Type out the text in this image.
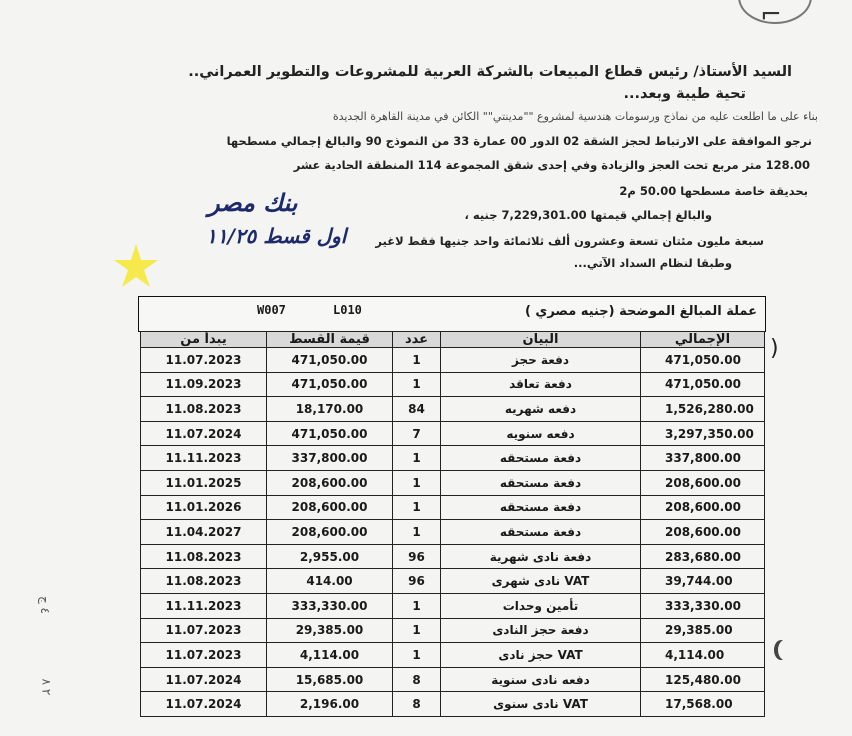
⌐
السيد الأستاذ/ رئيس قطاع المبيعات بالشركة العربية للمشروعات والتطوير العمراني..
تحية طيبة وبعد...
بناء على ما اطلعت عليه من نماذج ورسومات هندسية لمشروع ""مدينتي"" الكائن في مدينة القاهرة الجديدة
نرجو الموافقة على الارتباط لحجز الشقة 02 الدور 00 عمارة 33 من النموذج 90 والبالغ إجمالي مسطحها
128.00 متر مربع تحت العجز والزيادة وفي إحدى شقق المجموعة 114 المنطقة الحادية عشر
بحديقة خاصة مسطحها 50.00 م2
والبالغ إجمالي قيمتها 7,229,301.00 جنيه ،
سبعة مليون مئتان تسعة وعشرون ألف ثلاثمائة واحد جنيها فقط لاغير
وطبقا لنظام السداد الآتي...
بنك مصر
اول قسط ١١/٢٥
W007	L010	عملة المبالغ الموضحة (جنيه مصري )
)
يبدأ من	قيمة القسط	عدد	البيان	الإجمالي
11.07.2023	471,050.00	1	دفعة حجز	471,050.00
11.09.2023	471,050.00	1	دفعة تعاقد	471,050.00
11.08.2023	18,170.00	84	دفعه شهريه	1,526,280.00
11.07.2024	471,050.00	7	دفعه سنويه	3,297,350.00
11.11.2023	337,800.00	1	دفعة مستحقه	337,800.00
11.01.2025	208,600.00	1	دفعة مستحقه	208,600.00
11.01.2026	208,600.00	1	دفعة مستحقه	208,600.00
11.04.2027	208,600.00	1	دفعة مستحقه	208,600.00
11.08.2023	2,955.00	96	دفعة نادى شهرية	283,680.00
11.08.2023	414.00	96	VAT نادى شهرى	39,744.00
11.11.2023	333,330.00	1	تأمين وحدات	333,330.00
11.07.2023	29,385.00	1	دفعة حجز النادى	29,385.00
11.07.2023	4,114.00	1	VAT حجز نادى	4,114.00
11.07.2024	15,685.00	8	دفعه نادى سنوية	125,480.00
11.07.2024	2,196.00	8	VAT نادى سنوى	17,568.00
٤ ج
٢ ٨
